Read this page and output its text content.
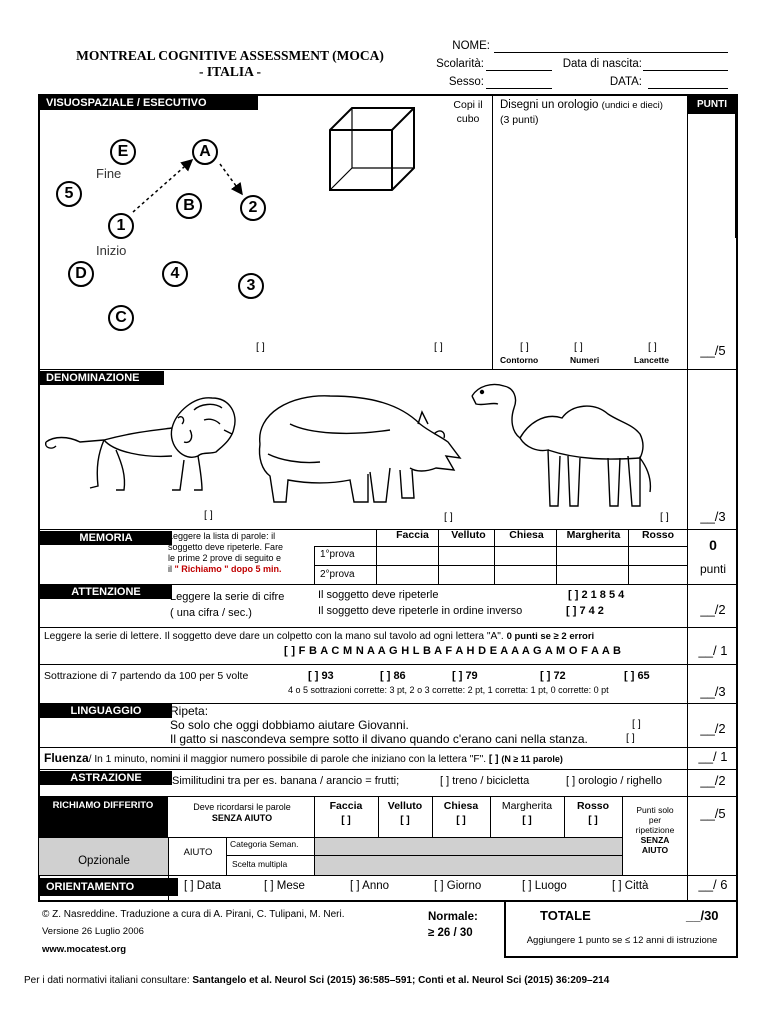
MONTREAL COGNITIVE ASSESSMENT (MOCA)
- ITALIA -
NOME:
Scolarità:	Data di nascita:
Sesso:	DATA:
VISUOSPAZIALE / ESECUTIVO	PUNTI
E	A
5
B	2
1
D	4
3
C
Fine
Inizio
Copi il cubo
Disegni un orologio (undici e dieci)
(3 punti)
[ ]	[ ]	[ ]	[ ]	[ ]
Contorno	Numeri	Lancette
__/5
DENOMINAZIONE
[ ]	[ ]	[ ]	__/3
MEMORIA	Leggere la lista di parole: il
soggetto deve ripeterle. Fare
le prime 2 prove di seguito e
il " Richiamo " dopo 5 min.
Faccia	Velluto	Chiesa	Margherita	Rosso
1°prova
2°prova
0
punti
ATTENZIONE	Leggere la serie di cifre
( una cifra / sec.)
Il soggetto deve ripeterle	[ ] 2 1 8 5 4
Il soggetto deve ripeterle in ordine inverso	[ ] 7 4 2	__/2
Leggere la serie di lettere. Il soggetto deve dare un colpetto con la mano sul tavolo ad ogni lettera "A". 0 punti se ≥ 2 errori
[ ] F B A C M N A A G H L B A F A H D E A A A G A M O F A A B	__/ 1
Sottrazione di 7 partendo da 100 per 5 volte	[ ] 93	[ ] 86	[ ] 79	[ ] 72	[ ] 65
4 o 5 sottrazioni corrette: 3 pt, 2 o 3 corrette: 2 pt, 1 corretta: 1 pt, 0 corrette: 0 pt	__/3
LINGUAGGIO	Ripeta:
So solo che oggi dobbiamo aiutare Giovanni.
Il gatto si nascondeva sempre sotto il divano quando c'erano cani nella stanza.
[ ]
[ ]
__/2
Fluenza/ In 1 minuto, nomini il maggior numero possibile di parole che iniziano con la lettera "F". [ ] (N ≥ 11 parole)	__/ 1
ASTRAZIONE	Similitudini tra per es. banana / arancio = frutti;	[ ] treno / bicicletta	[ ] orologio / righello	__/2
RICHIAMO DIFFERITO	Deve ricordarsi le parole
SENZA AIUTO
Faccia	Velluto	Chiesa	Margherita	Rosso
[ ]	[ ]	[ ]	[ ]	[ ]
Punti solo
per
ripetizione
SENZA
AIUTO
Opzionale
AIUTO
Categoria Seman.
Scelta multipla
__/5
ORIENTAMENTO	[ ] Data	[ ] Mese	[ ] Anno	[ ] Giorno	[ ] Luogo	[ ] Città	__/ 6
© Z. Nasreddine. Traduzione a cura di A. Pirani, C. Tulipani, M. Neri.
Versione 26 Luglio 2006
www.mocatest.org
Normale:
≥ 26 / 30
TOTALE	__/30
Aggiungere 1 punto se ≤ 12 anni di istruzione
Per i dati normativi italiani consultare: Santangelo et al. Neurol Sci (2015) 36:585–591; Conti et al. Neurol Sci (2015) 36:209–214
